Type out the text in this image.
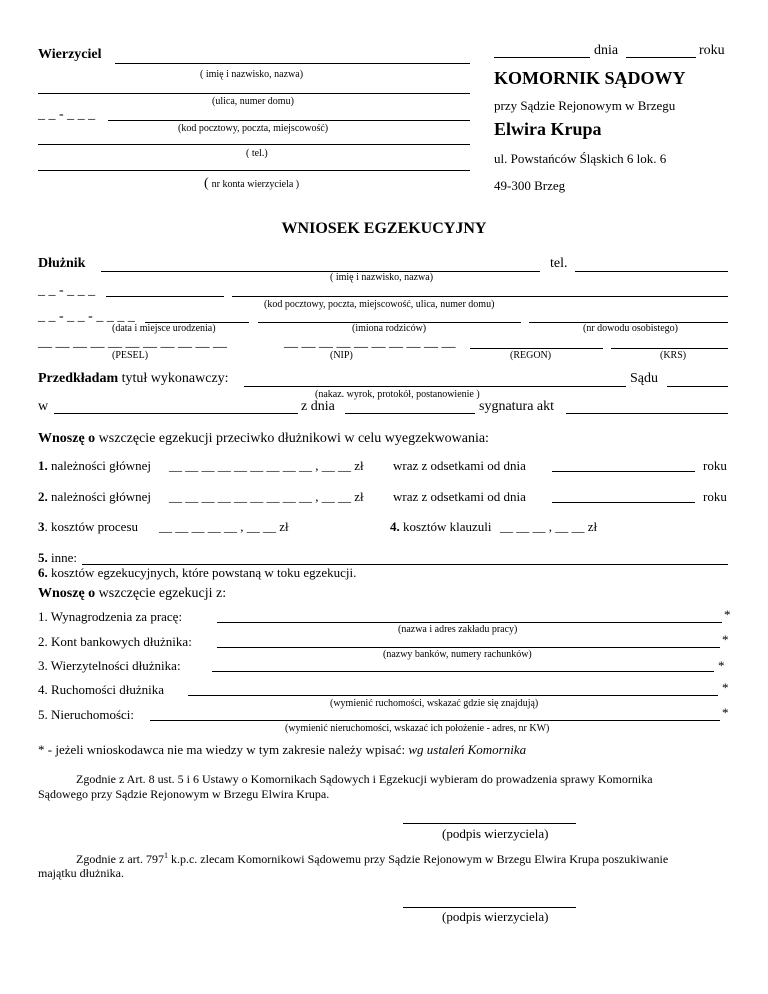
Wierzyciel
( imię i nazwisko, nazwa)
(ulica, numer domu)
_ _ - _ _ _
(kod pocztowy, poczta, miejscowość)
( tel.)
( nr konta wierzyciela )
dnia	roku
KOMORNIK SĄDOWY
przy Sądzie Rejonowym w Brzegu
Elwira Krupa
ul. Powstańców Śląskich 6 lok. 6
49-300 Brzeg
WNIOSEK EGZEKUCYJNY
Dłużnik	tel.
( imię i nazwisko, nazwa)
_ _ - _ _ _
(kod pocztowy, poczta, miejscowość, ulica, numer domu)
_ _ - _ _ - _ _ _ _
(data i miejsce urodzenia)	(imiona rodziców)	(nr dowodu osobistego)
__ __ __ __ __ __ __ __ __ __ __	__ __ __ __ __ __ __ __ __ __
(PESEL)	(NIP)	(REGON)	(KRS)
Przedkładam tytuł wykonawczy:	Sądu
(nakaz. wyrok, protokół, postanowienie )
w	z dnia	sygnatura akt
Wnoszę o wszczęcie egzekucji przeciwko dłużnikowi w celu wyegzekwowania:
1. należności głównej __ __ __ __ __ __ __ __ __ , __ __ zł wraz z odsetkami od dnia	roku
2. należności głównej __ __ __ __ __ __ __ __ __ , __ __ zł wraz z odsetkami od dnia	roku
3. kosztów procesu __ __ __ __ __ , __ __ zł	4. kosztów klauzuli __ __ __ , __ __ zł
5. inne:
6. kosztów egzekucyjnych, które powstaną w toku egzekucji.
Wnoszę o wszczęcie egzekucji z:
1. Wynagrodzenia za pracę:	*
(nazwa i adres zakładu pracy)
2. Kont bankowych dłużnika:	*
(nazwy banków, numery rachunków)
3. Wierzytelności dłużnika:	*
4. Ruchomości dłużnika	*
(wymienić ruchomości, wskazać gdzie się znajdują)
5. Nieruchomości:	*
(wymienić nieruchomości, wskazać ich położenie - adres, nr KW)
* - jeżeli wnioskodawca nie ma wiedzy w tym zakresie należy wpisać: wg ustaleń Komornika
Zgodnie z Art. 8 ust. 5 i 6 Ustawy o Komornikach Sądowych i Egzekucji wybieram do prowadzenia sprawy Komornika
Sądowego przy Sądzie Rejonowym w Brzegu Elwira Krupa.
(podpis wierzyciela)
Zgodnie z art. $797^1$ k.p.c. zlecam Komornikowi Sądowemu przy Sądzie Rejonowym w Brzegu Elwira Krupa poszukiwanie
majątku dłużnika.
(podpis wierzyciela)
